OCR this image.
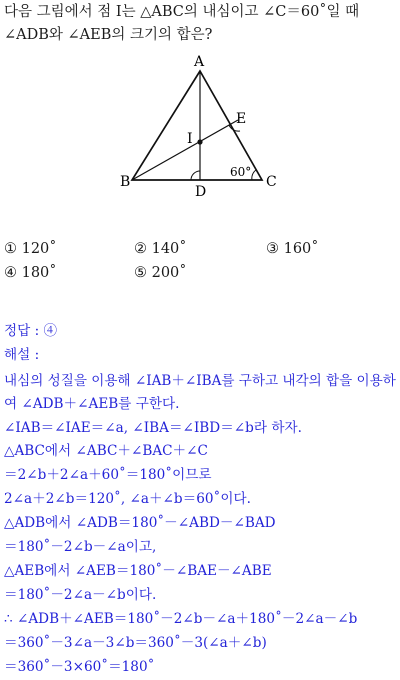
다음 그림에서 점 I는 △ABC의 내심이고 ∠C＝60˚일 때
∠ADB와 ∠AEB의 크기의 합은?
A
B	C
D
E
I
60°
① 120˚	② 140˚	③ 160˚
④ 180˚	⑤ 200˚
정답 : ④
해설 :
내심의 성질을 이용해 ∠IAB＋∠IBA를 구하고 내각의 합을 이용하
여 ∠ADB＋∠AEB를 구한다.
∠IAB＝∠IAE＝∠a, ∠IBA＝∠IBD＝∠b라 하자.
△ABC에서 ∠ABC＋∠BAC＋∠C
＝2∠b＋2∠a＋60˚＝180˚이므로
2∠a＋2∠b＝120˚, ∠a＋∠b＝60˚이다.
△ADB에서 ∠ADB＝180˚－∠ABD－∠BAD
＝180˚－2∠b－∠a이고,
△AEB에서 ∠AEB＝180˚－∠BAE－∠ABE
＝180˚－2∠a－∠b이다.
∴ ∠ADB＋∠AEB＝180˚－2∠b－∠a＋180˚－2∠a－∠b
＝360˚－3∠a－3∠b＝360˚－3(∠a＋∠b)
＝360˚－3×60˚＝180˚
